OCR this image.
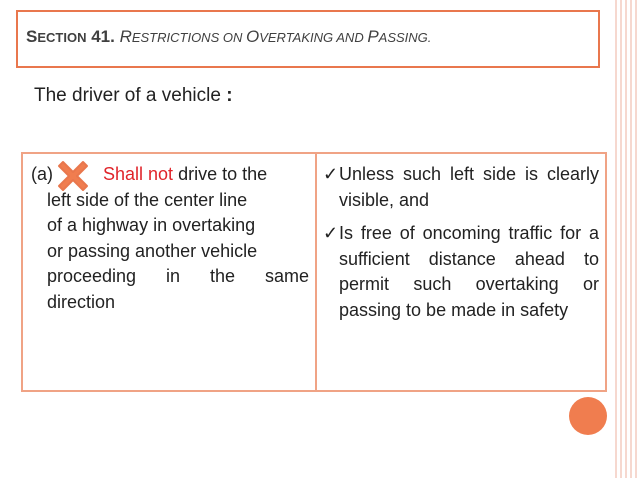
SECTION 41. RESTRICTIONS ON OVERTAKING AND PASSING.
The driver of a vehicle :
(a)	Shall not drive to the
left side of the center line
of a highway in overtaking
or passing another vehicle
proceeding in the same
direction
✓ Unless such left side is clearly visible, and
✓ Is free of oncoming traffic for a sufficient distance ahead to permit such overtaking or passing to be made in safety
